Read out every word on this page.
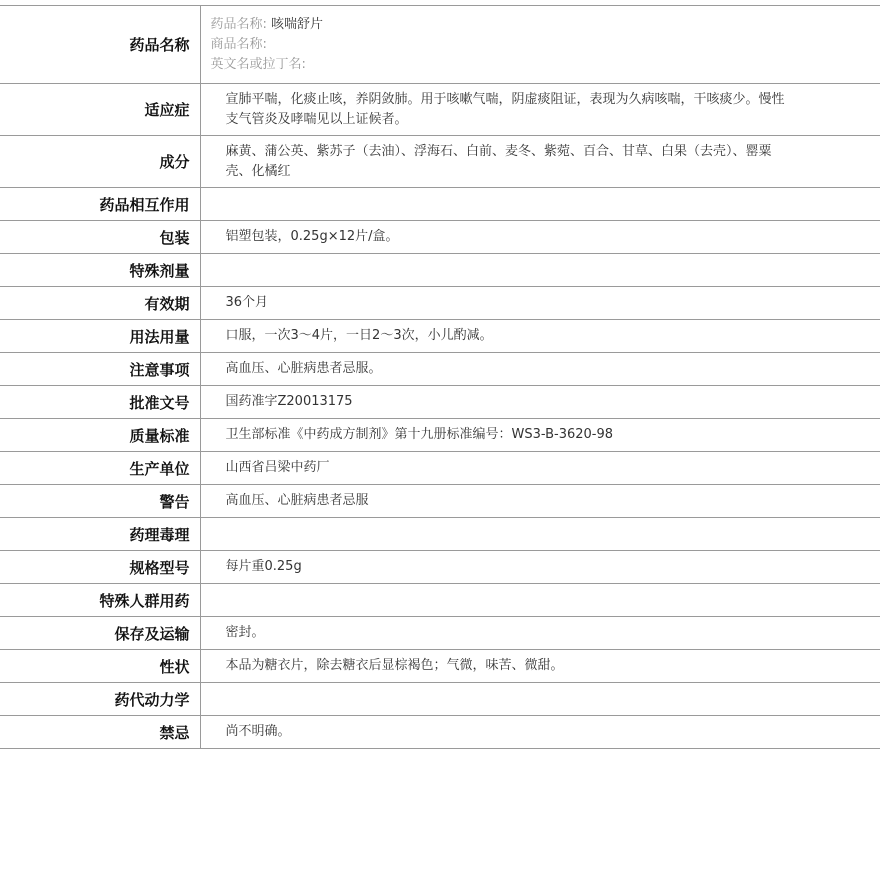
药品名称	药品名称: 咳喘舒片
商品名称:
英文名或拉丁名:

适应症	宣肺平喘，化痰止咳，养阴敛肺。用于咳嗽气喘，阴虚痰阻证，表现为久病咳喘，干咳痰少。慢性支气管炎及哮喘见以上证候者。
成分	麻黄、蒲公英、紫苏子（去油）、浮海石、白前、麦冬、紫菀、百合、甘草、白果（去壳）、罂粟壳、化橘红
药品相互作用	
包装	铝塑包装，0.25g×12片/盒。
特殊剂量	
有效期	36个月
用法用量	口服，一次3～4片，一日2～3次，小儿酌减。
注意事项	高血压、心脏病患者忌服。
批准文号	国药准字Z20013175
质量标准	卫生部标准《中药成方制剂》第十九册标准编号：WS3-B-3620-98
生产单位	山西省吕梁中药厂
警告	高血压、心脏病患者忌服
药理毒理	
规格型号	每片重0.25g
特殊人群用药	
保存及运输	密封。
性状	本品为糖衣片，除去糖衣后显棕褐色；气微，味苦、微甜。
药代动力学	
禁忌	尚不明确。
